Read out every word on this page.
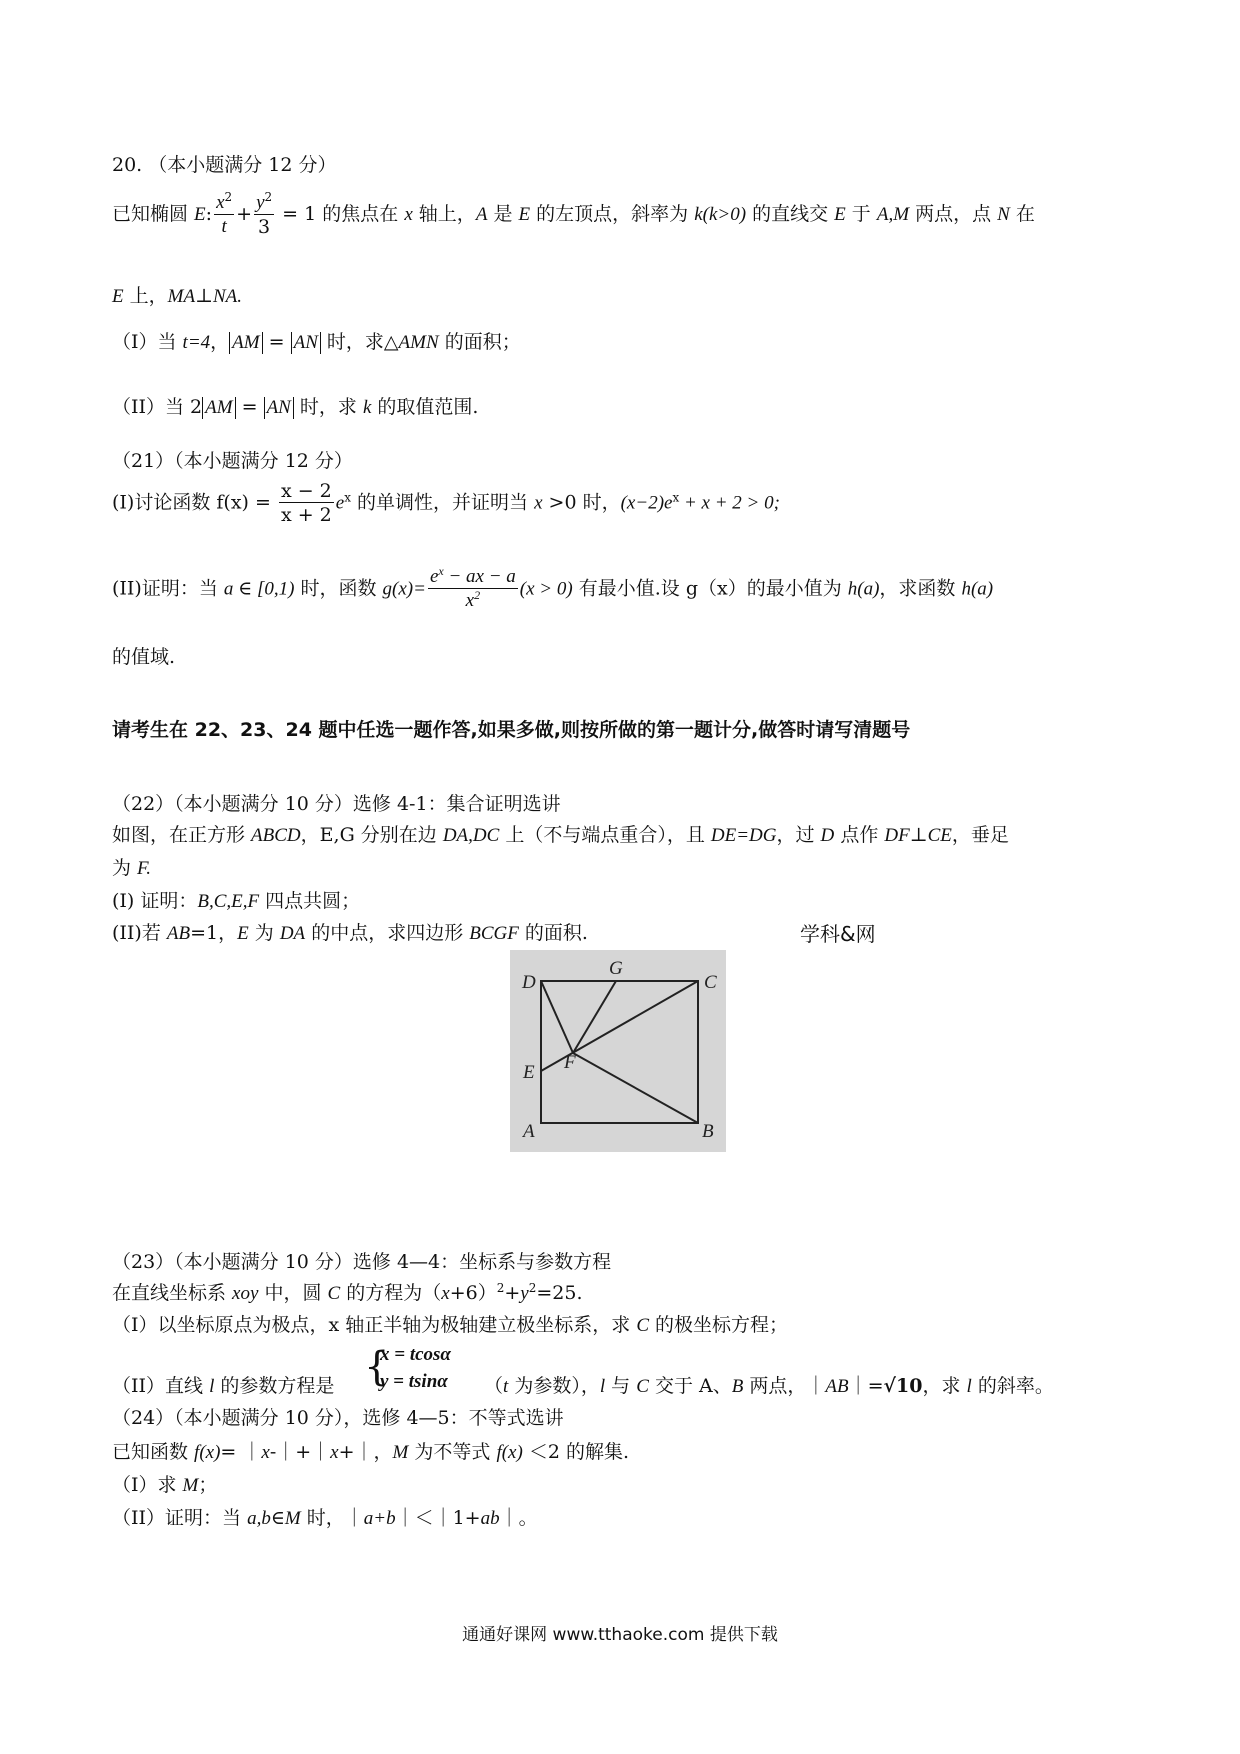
20. （本小题满分 12 分）
已知椭圆 E: $\frac{x^2}{t} + \frac{y^2}{3} = 1$ 的焦点在 x 轴上，A 是 E 的左顶点，斜率为 k(k>0) 的直线交 E 于 A,M 两点，点 N 在
E 上，MA⊥NA.
（I）当 t=4， AM = AN 时，求△AMN 的面积；
（II）当 2 AM = AN 时，求 k 的取值范围.
（21）（本小题满分 12 分）
(I)讨论函数 $f(x) = \frac{x - 2}{x + 2} e^x$ 的单调性，并证明当 x >0 时，$(x-2)e^x + x + 2 > 0$;
(II)证明：当 a ∈ [0,1) 时，函数 $g(x)= \frac{e^x - ax - a}{x^2} (x > 0)$ 有最小值.设 g（x）的最小值为 h(a)，求函数 h(a)
的值域.
请考生在 22、23、24 题中任选一题作答,如果多做,则按所做的第一题计分,做答时请写清题号
（22）（本小题满分 10 分）选修 4-1：集合证明选讲
如图，在正方形 ABCD，E,G 分别在边 DA,DC 上（不与端点重合），且 DE=DG，过 D 点作 DF⊥CE，垂足
为 F.
(I) 证明：B,C,E,F 四点共圆；
(II)若 AB=1，E 为 DA 的中点，求四边形 BCGF 的面积.	学科&网
D
G
C
F
E
A	B
（23）（本小题满分 10 分）选修 4—4：坐标系与参数方程
在直线坐标系 xoy 中，圆 C 的方程为$(x+6)^2+y^2=25$.
（I）以坐标原点为极点，x 轴正半轴为极轴建立极坐标系，求 C 的极坐标方程；
{
x = tcosα
y = tsinα
（II）直线 l 的参数方程是	（t 为参数），l 与 C 交于 A、B 两点，｜AB｜=√10，求 l 的斜率。
（24）（本小题满分 10 分），选修 4—5：不等式选讲
已知函数 f(x)= ｜x-｜+｜x+｜，M 为不等式 f(x) ＜2 的解集.
（I）求 M；
（II）证明：当 a,b∈M 时，｜a+b｜＜｜1+ab｜。
通通好课网 www.tthaoke.com 提供下载
